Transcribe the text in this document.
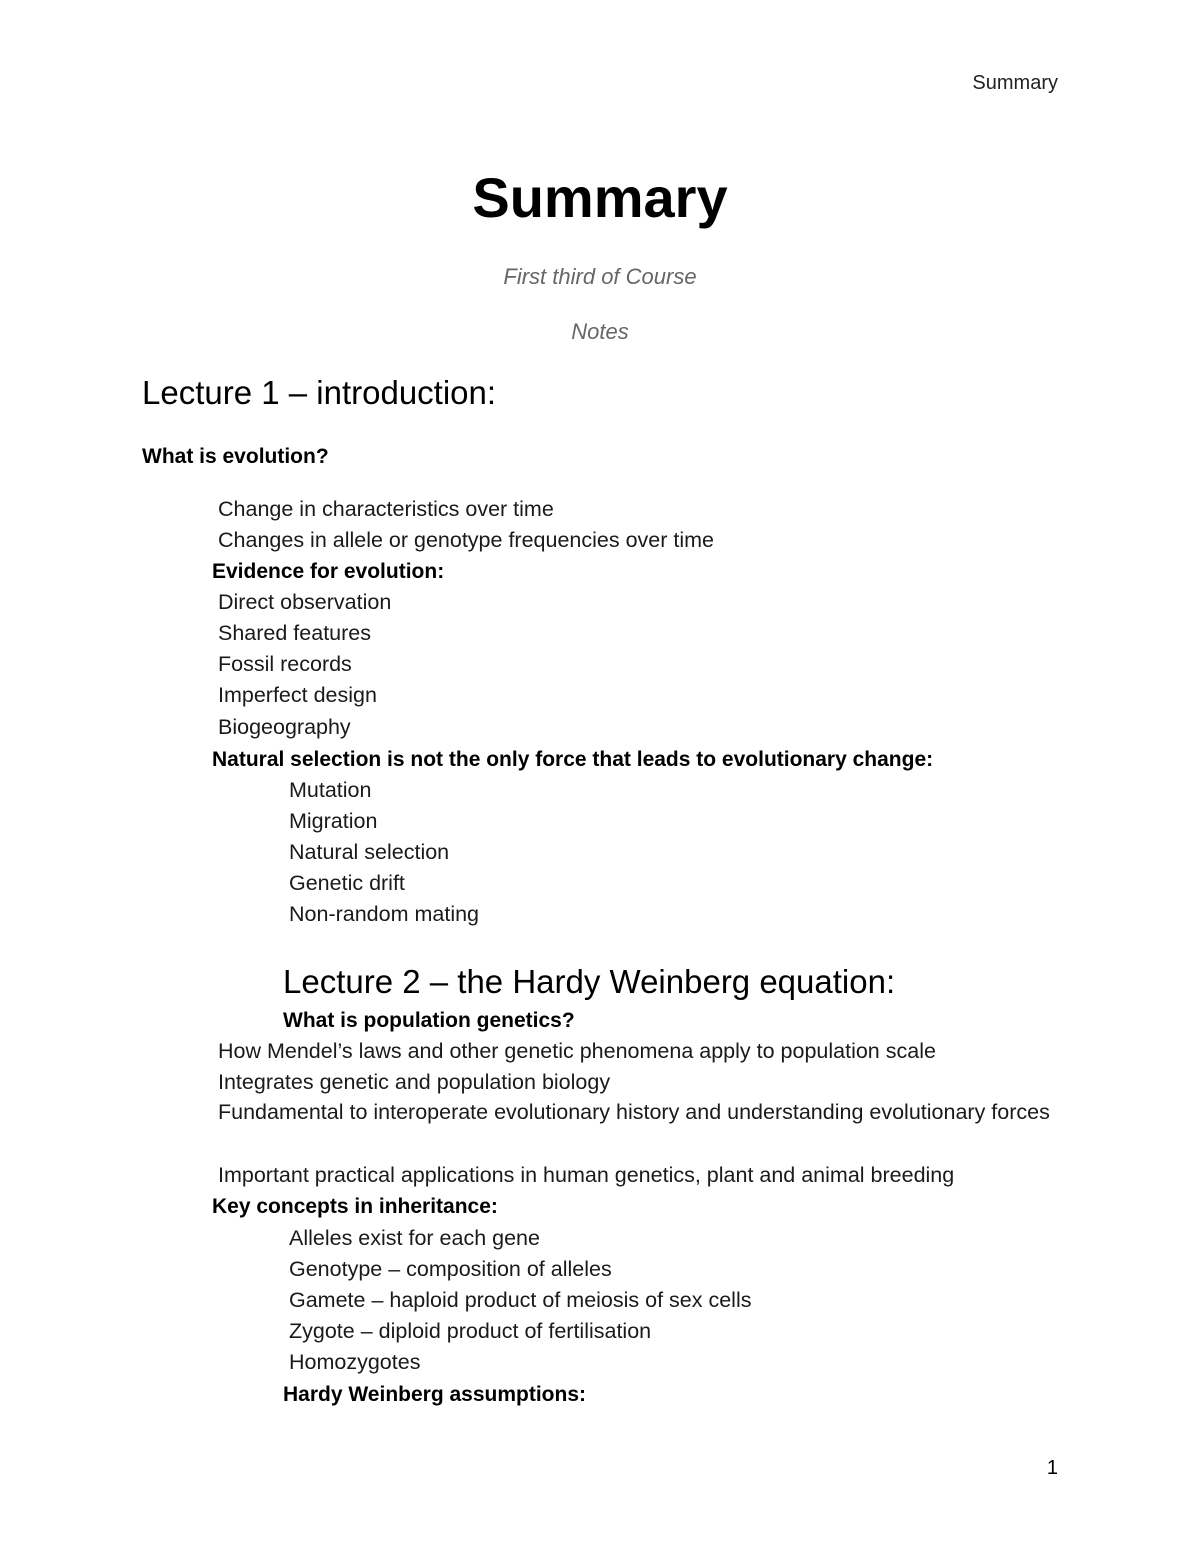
Summary
Summary
First third of Course
Notes
Lecture 1 – introduction:
What is evolution?
Change in characteristics over time
Changes in allele or genotype frequencies over time
Evidence for evolution:
Direct observation
Shared features
Fossil records
Imperfect design
Biogeography
Natural selection is not the only force that leads to evolutionary change:
Mutation
Migration
Natural selection
Genetic drift
Non-random mating
Lecture 2 – the Hardy Weinberg equation:
What is population genetics?
How Mendel’s laws and other genetic phenomena apply to population scale
Integrates genetic and population biology
Fundamental to interoperate evolutionary history and understanding evolutionary forces
Important practical applications in human genetics, plant and animal breeding
Key concepts in inheritance:
Alleles exist for each gene
Genotype – composition of alleles
Gamete – haploid product of meiosis of sex cells
Zygote – diploid product of fertilisation
Homozygotes
Hardy Weinberg assumptions:
1
